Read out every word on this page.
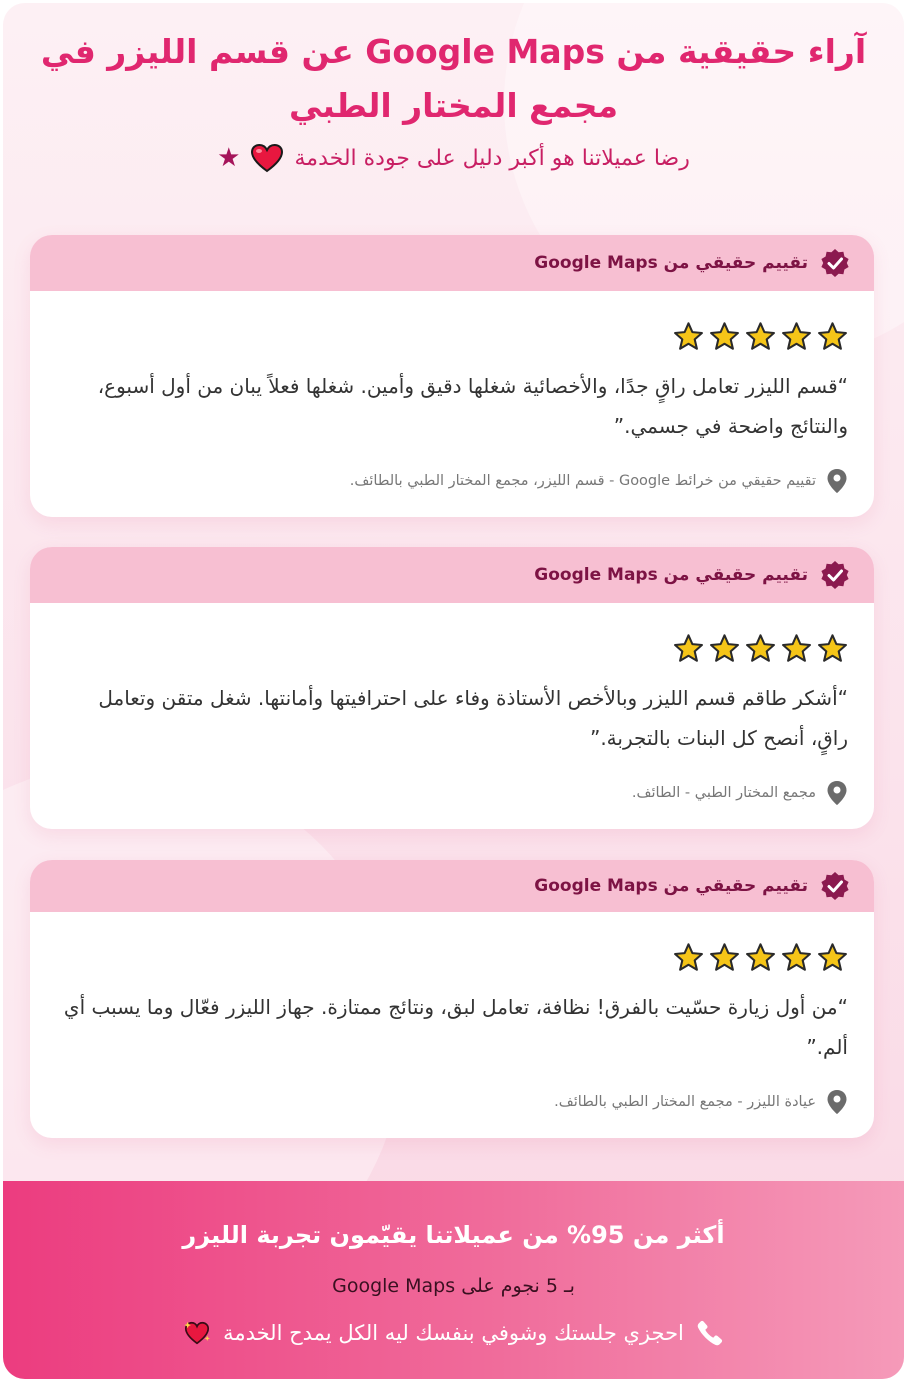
آراء حقيقية من Google Maps عن قسم الليزر في مجمع المختار الطبي
رضا عميلاتنا هو أكبر دليل على جودة الخدمة
★
تقييم حقيقي من Google Maps

“قسم الليزر تعامل راقٍ جدًا، والأخصائية شغلها دقيق وأمين. شغلها فعلاً يبان من أول أسبوع، والنتائج واضحة في جسمي.”

تقييم حقيقي من خرائط Google - قسم الليزر، مجمع المختار الطبي بالطائف.
تقييم حقيقي من Google Maps

“أشكر طاقم قسم الليزر وبالأخص الأستاذة وفاء على احترافيتها وأمانتها. شغل متقن وتعامل راقٍ، أنصح كل البنات بالتجربة.”

مجمع المختار الطبي - الطائف.
تقييم حقيقي من Google Maps

“من أول زيارة حسّيت بالفرق! نظافة، تعامل لبق، ونتائج ممتازة. جهاز الليزر فعّال وما يسبب أي ألم.”

عيادة الليزر - مجمع المختار الطبي بالطائف.
أكثر من 95% من عميلاتنا يقيّمون تجربة الليزر
بـ 5 نجوم على Google Maps
احجزي جلستك وشوفي بنفسك ليه الكل يمدح الخدمة
